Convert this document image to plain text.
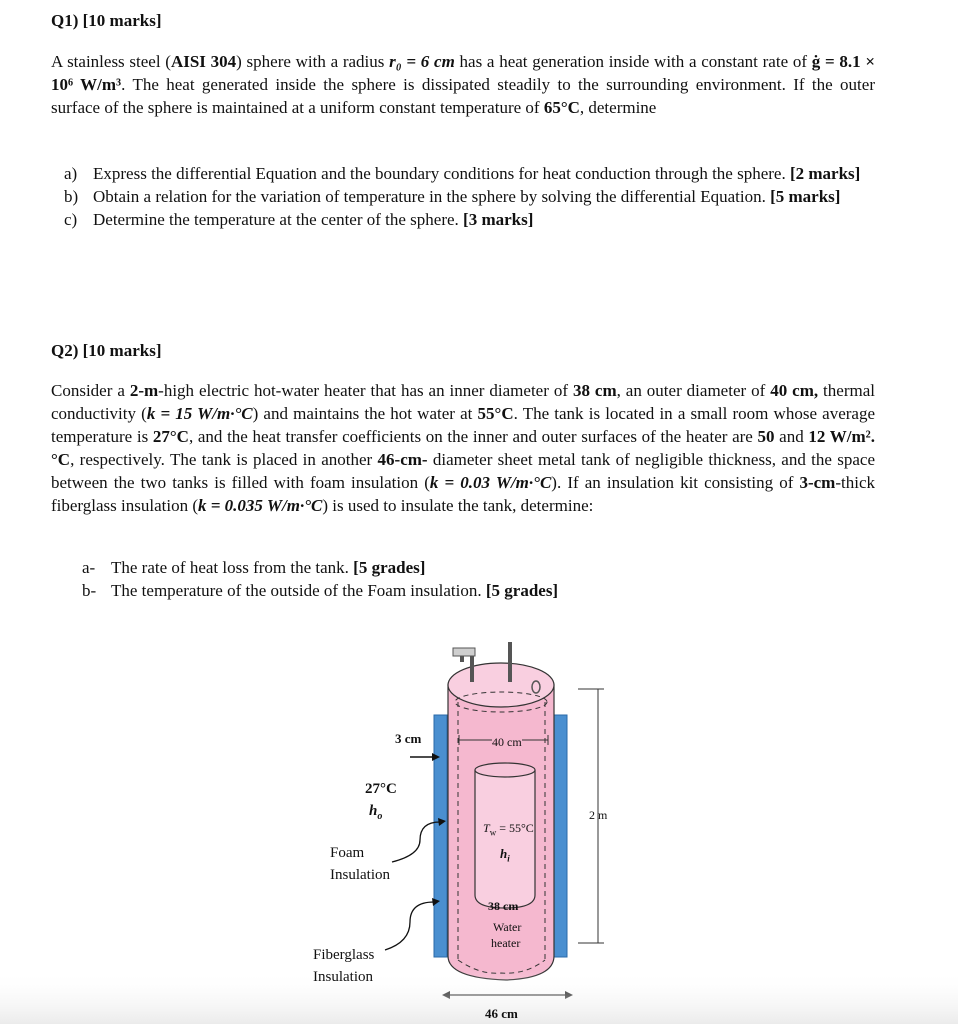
Q1) [10 marks]
A stainless steel (AISI 304) sphere with a radius r₀ = 6 cm has a heat generation inside with a constant rate of ġ = 8.1 × 10⁶ W/m³. The heat generated inside the sphere is dissipated steadily to the surrounding environment. If the outer surface of the sphere is maintained at a uniform constant temperature of 65°C, determine
a) Express the differential Equation and the boundary conditions for heat conduction through the sphere. [2 marks]
b) Obtain a relation for the variation of temperature in the sphere by solving the differential Equation. [5 marks]
c) Determine the temperature at the center of the sphere. [3 marks]
Q2) [10 marks]
Consider a 2-m-high electric hot-water heater that has an inner diameter of 38 cm, an outer diameter of 40 cm, thermal conductivity (k = 15 W/m·°C) and maintains the hot water at 55°C. The tank is located in a small room whose average temperature is 27°C, and the heat transfer coefficients on the inner and outer surfaces of the heater are 50 and 12 W/m².°C, respectively. The tank is placed in another 46-cm- diameter sheet metal tank of negligible thickness, and the space between the two tanks is filled with foam insulation (k = 0.03 W/m·°C). If an insulation kit consisting of 3-cm-thick fiberglass insulation (k = 0.035 W/m·°C) is used to insulate the tank, determine:
a- The rate of heat loss from the tank. [5 grades]
b- The temperature of the outside of the Foam insulation. [5 grades]
3 cm	40 cm
27°C
$h_o$
$T_w = 55^\circ C$
$h_i$
Foam
Insulation
Fiberglass
Insulation
38 cm
Water
heater
2 m
46 cm
